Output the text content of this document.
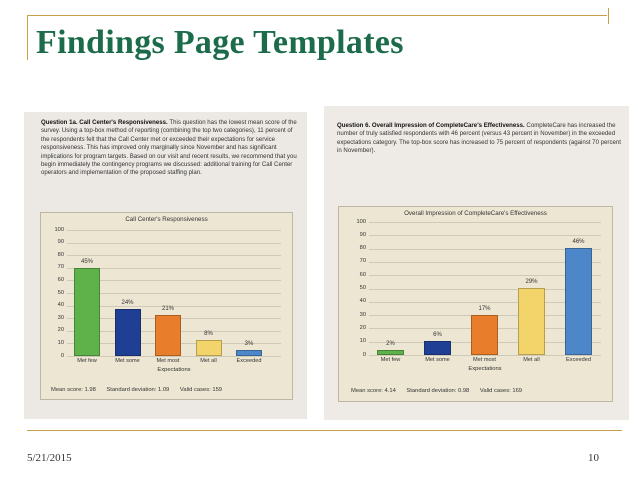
Findings Page Templates
Question 1a. Call Center's Responsiveness. This question has the lowest mean score of the survey. Using a top-box method of reporting (combining the top two categories), 11 percent of the respondents felt that the Call Center met or exceeded their expectations for service responsiveness. This has improved only marginally since November and has significant implications for program targets. Based on our visit and recent results, we recommend that you begin immediately the contingency programs we discussed: additional training for Call Center operators and implementation of the proposed staffing plan.
Call Center's Responsiveness
Mean score: 1.98 Standard deviation: 1.09 Valid cases: 159
0
10
20
30
40
50
60
70
80
90
100
45%
Met few
24%
Met some
21%
Met most
8%
Met all
3%
Exceeded
Expectations
Question 6. Overall Impression of CompleteCare's Effectiveness. CompleteCare has increased the number of truly satisfied respondents with 46 percent (versus 43 percent in November) in the exceeded expectations category. The top-box score has increased to 75 percent of respondents (against 70 percent in November).
Overall Impression of CompleteCare's Effectiveness
Mean score: 4.14 Standard deviation: 0.98 Valid cases: 169
0
10
20
30
40
50
60
70
80
90
100
2%
Met few
6%
Met some
17%
Met most
29%
Met all
46%
Exceeded
Expectations
5/21/2015	10
